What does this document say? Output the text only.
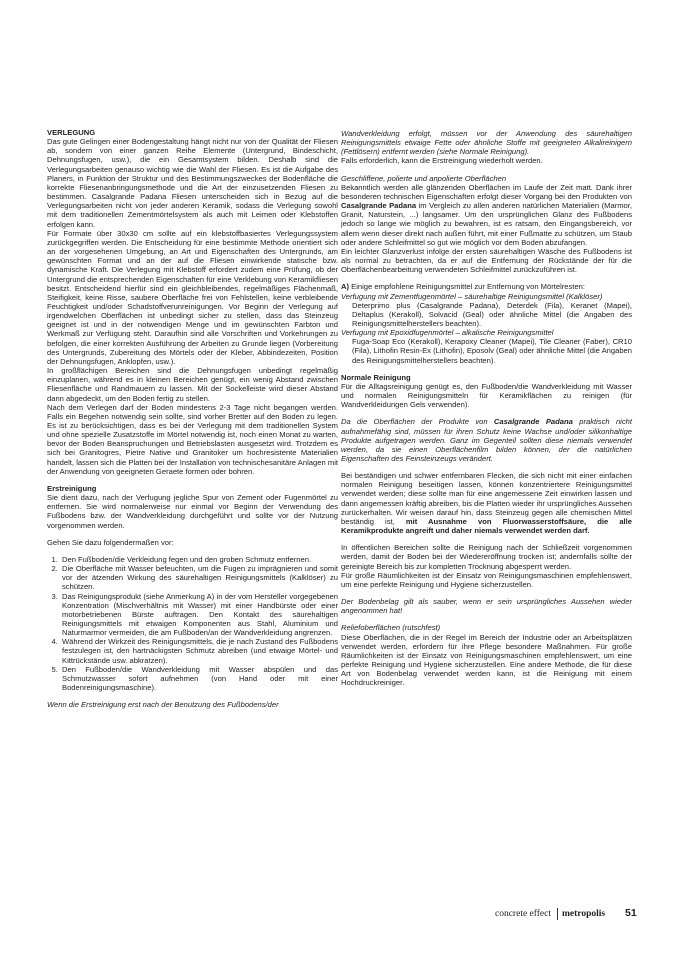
VERLEGUNG

Das gute Gelingen einer Bodengestaltung hängt nicht nur von der Qualität der Fliesen ab, sondern von einer ganzen Reihe Elemente (Untergrund, Bindeschicht, Dehnungsfugen, usw.), die ein Gesamtsystem bilden. Deshalb sind die Verlegungsarbeiten genauso wichtig wie die Wahl der Fliesen. Es ist die Aufgabe des Planers, in Funktion der Struktur und des Bestimmungszweckes der Bodenfläche die korrekte Fliesenanbringungsmethode und die Art der einzusetzenden Fliesen zu bestimmen. Casalgrande Padana Fliesen unterscheiden sich in Bezug auf die Verlegungsarbeiten nicht von jeder anderen Keramik, sodass die Verlegung sowohl mit dem traditionellen Zementmörtelsystem als auch mit Leimen oder Klebstoffen erfolgen kann.

Für Formate über 30x30 cm sollte auf ein klebstoffbasiertes Verlegungssystem zurückgegriffen werden. Die Entscheidung für eine bestimmte Methode orientiert sich an der vorgesehenen Umgebung, an Art und Eigenschaften des Untergrunds, am gewünschten Format und an der auf die Fliesen einwirkende statische bzw. dynamische Kraft. Die Verlegung mit Klebstoff erfordert zudem eine Prüfung, ob der Untergrund die entsprechenden Eigenschaften für eine Verklebung von Keramikfliesen besitzt. Entscheidend hierfür sind ein gleichbleibendes, regelmäßiges Flächenmaß, Steifigkeit, keine Risse, saubere Oberfläche frei von Fehlstellen, keine verbleibende Feuchtigkeit und/oder Schadstoffverunreinigungen. Vor Beginn der Verlegung auf irgendwelchen Oberflächen ist unbedingt sicher zu stellen, dass das Steinzeug geeignet ist und in der notwendigen Menge und im gewünschten Farbton und Werkmaß zur Verfügung steht. Daraufhin sind alle Vorschriften und Vorkehrungen zu befolgen, die einer korrekten Ausführung der Arbeiten zu Grunde liegen (Vorbereitung des Untergrunds, Zubereitung des Mörtels oder der Kleber, Abbindezeiten, Position der Dehnungsfugen, Anklopfen, usw.).

In großflächigen Bereichen sind die Dehnungsfugen unbedingt regelmäßig einzuplanen, während es in kleinen Bereichen genügt, ein wenig Abstand zwischen Fliesenfläche und Randmauern zu lassen. Mit der Sockelleiste wird dieser Abstand dann abgedeckt, um den Boden fertig zu stellen.

Nach dem Verlegen darf der Boden mindestens 2-3 Tage nicht begangen werden. Falls ein Begehen notwendig sein sollte, sind vorher Bretter auf den Boden zu legen. Es ist zu berücksichtigen, dass es bei der Verlegung mit dem traditionellen System und ohne spezielle Zusatzstoffe im Mörtel notwendig ist, noch einen Monat zu warten, bevor der Boden Beanspruchungen und Betriebslasten ausgesetzt wird. Trotzdem es sich bei Granitogres, Pietre Native und Granitoker um hochresistente Materialien handelt, lassen sich die Platten bei der Installation von technischesanitäre Anlagen mit der Anwendung von geeigneten Geraete formen oder bohren.

Erstreinigung

Sie dient dazu, nach der Verfugung jegliche Spur von Zement oder Fugenmörtel zu entfernen. Sie wird normalerweise nur einmal vor Beginn der Verwendung des Fußbodens bzw. der Wandverkleidung durchgeführt und sollte vor der Nutzung vorgenommen werden.

Gehen Sie dazu folgendermaßen vor:

1. Den Fußboden/die Verkleidung fegen und den groben Schmutz entfernen.
2. Die Oberfläche mit Wasser befeuchten, um die Fugen zu imprägnieren und somit vor der ätzenden Wirkung des säurehaltigen Reinigungsmittels (Kalklöser) zu schützen.
3. Das Reinigungsprodukt (siehe Anmerkung A) in der vom Hersteller vorgegebenen Konzentration (Mischverhältnis mit Wasser) mit einer Handbürste oder einer motorbetriebenen Bürste auftragen. Den Kontakt des säurehaltigen Reinigungsmittels mit etwaigen Komponenten aus Stahl, Aluminium und Naturmarmor vermeiden, die am Fußboden/an der Wandverkleidung angrenzen.
4. Während der Wirkzeit des Reinigungsmittels, die je nach Zustand des Fußbodens festzulegen ist, den hartnäckigsten Schmutz abreiben (und etwaige Mörtel- und Kittrückstände usw. abkratzen).
5. Den Fußboden/die Wandverkleidung mit Wasser abspülen und das Schmutzwasser sofort aufnehmen (von Hand oder mit einer Bodenreinigungsmaschine).

Wenn die Erstreinigung erst nach der Benutzung des Fußbodens/der

Wandverkleidung erfolgt, müssen vor der Anwendung des säurehaltigen Reinigungsmittels etwaige Fette oder ähnliche Stoffe mit geeigneten Alkalireinigern (Fettlösern) entfernt werden (siehe Normale Reinigung).

Falls erforderlich, kann die Erstreinigung wiederholt werden.

Geschliffene, polierte und anpolierte Oberflächen

Bekanntlich werden alle glänzenden Oberflächen im Laufe der Zeit matt. Dank ihrer besonderen technischen Eigenschaften erfolgt dieser Vorgang bei den Produkten von Casalgrande Padana im Vergleich zu allen anderen natürlichen Materialien (Marmor, Granit, Naturstein, ...) langsamer. Um den ursprünglichen Glanz des Fußbodens jedoch so lange wie möglich zu bewahren, ist es ratsam, den Eingangsbereich, vor allem wenn dieser direkt nach außen führt, mit einer Fußmatte zu schützen, um Staub oder andere Schleifmittel so gut wie möglich vor dem Boden abzufangen.

Ein leichter Glanzverlust infolge der ersten säurehaltigen Wäsche des Fußbodens ist als normal zu betrachten, da er auf die Entfernung der Rückstände der für die Oberflächenbearbeitung verwendeten Schleifmittel zurückzuführen ist.

A) Einige empfohlene Reinigungsmittel zur Entfernung von Mörtelresten:

Verfugung mit Zementfugenmörtel – säurehaltige Reinigungsmittel (Kalklöser)

Deterprimo plus (Casalgrande Padana), Deterdek (Fila), Keranet (Mapei), Deltaplus (Kerakoll), Solvacid (Geal) oder ähnliche Mittel (die Angaben des Reinigungsmittelherstellers beachten).

Verfugung mit Epoxidfugenmörtel – alkalische Reinigungsmittel

Fuga-Soap Eco (Kerakoll), Kerapoxy Cleaner (Mapei), Tile Cleaner (Faber), CR10 (Fila), Lithofin Resin-Ex (Lithofin), Eposolv (Geal) oder ähnliche Mittel (die Angaben des Reinigungsmittelherstellers beachten).

Normale Reinigung

Für die Alltagsreinigung genügt es, den Fußboden/die Wandverkleidung mit Wasser und normalen Reinigungsmitteln für Keramikflächen zu reinigen (für Wandverkleidungen Gels verwenden).

Da die Oberflächen der Produkte von Casalgrande Padana praktisch nicht aufnahmefähig sind, müssen für ihren Schutz keine Wachse und/oder silikonhaltige Produkte aufgetragen werden. Ganz im Gegenteil sollten diese niemals verwendet werden, da sie einen Oberflächenfilm bilden können, der die natürlichen Eigenschaften des Feinsteinzeugs verändert.

Bei beständigen und schwer entfernbaren Flecken, die sich nicht mit einer einfachen normalen Reinigung beseitigen lassen, können konzentriertere Reinigungsmittel verwendet werden; diese sollte man für eine angemessene Zeit einwirken lassen und dann angemessen kräftig abreiben, bis die Platten wieder ihr ursprüngliches Aussehen zurückerhalten. Wir weisen darauf hin, dass Steinzeug gegen alle chemischen Mittel beständig ist, mit Ausnahme von Fluorwasserstoffsäure, die alle Keramikprodukte angreift und daher niemals verwendet werden darf.

In öffentlichen Bereichen sollte die Reinigung nach der Schließzeit vorgenommen werden, damit der Boden bei der Wiedereröffnung trocken ist; andernfalls sollte der gereinigte Bereich bis zur kompletten Trocknung abgesperrt werden.

Für große Räumlichkeiten ist der Einsatz von Reinigungsmaschinen empfehlenswert, um eine perfekte Reinigung und Hygiene sicherzustellen.

Der Bodenbelag gilt als sauber, wenn er sein ursprüngliches Aussehen wieder angenommen hat!

Reliefoberflächen (rutschfest)

Diese Oberflächen, die in der Regel im Bereich der Industrie oder an Arbeitsplätzen verwendet werden, erfordern für ihre Pflege besondere Maßnahmen. Für große Räumlichkeiten ist der Einsatz von Reinigungsmaschinen empfehlenswert, um eine perfekte Reinigung und Hygiene sicherzustellen. Eine andere Methode, die für diese Art von Bodenbelag verwendet werden kann, ist die Reinigung mit einem Hochdruckreiniger.

concrete effect metropolis 51
